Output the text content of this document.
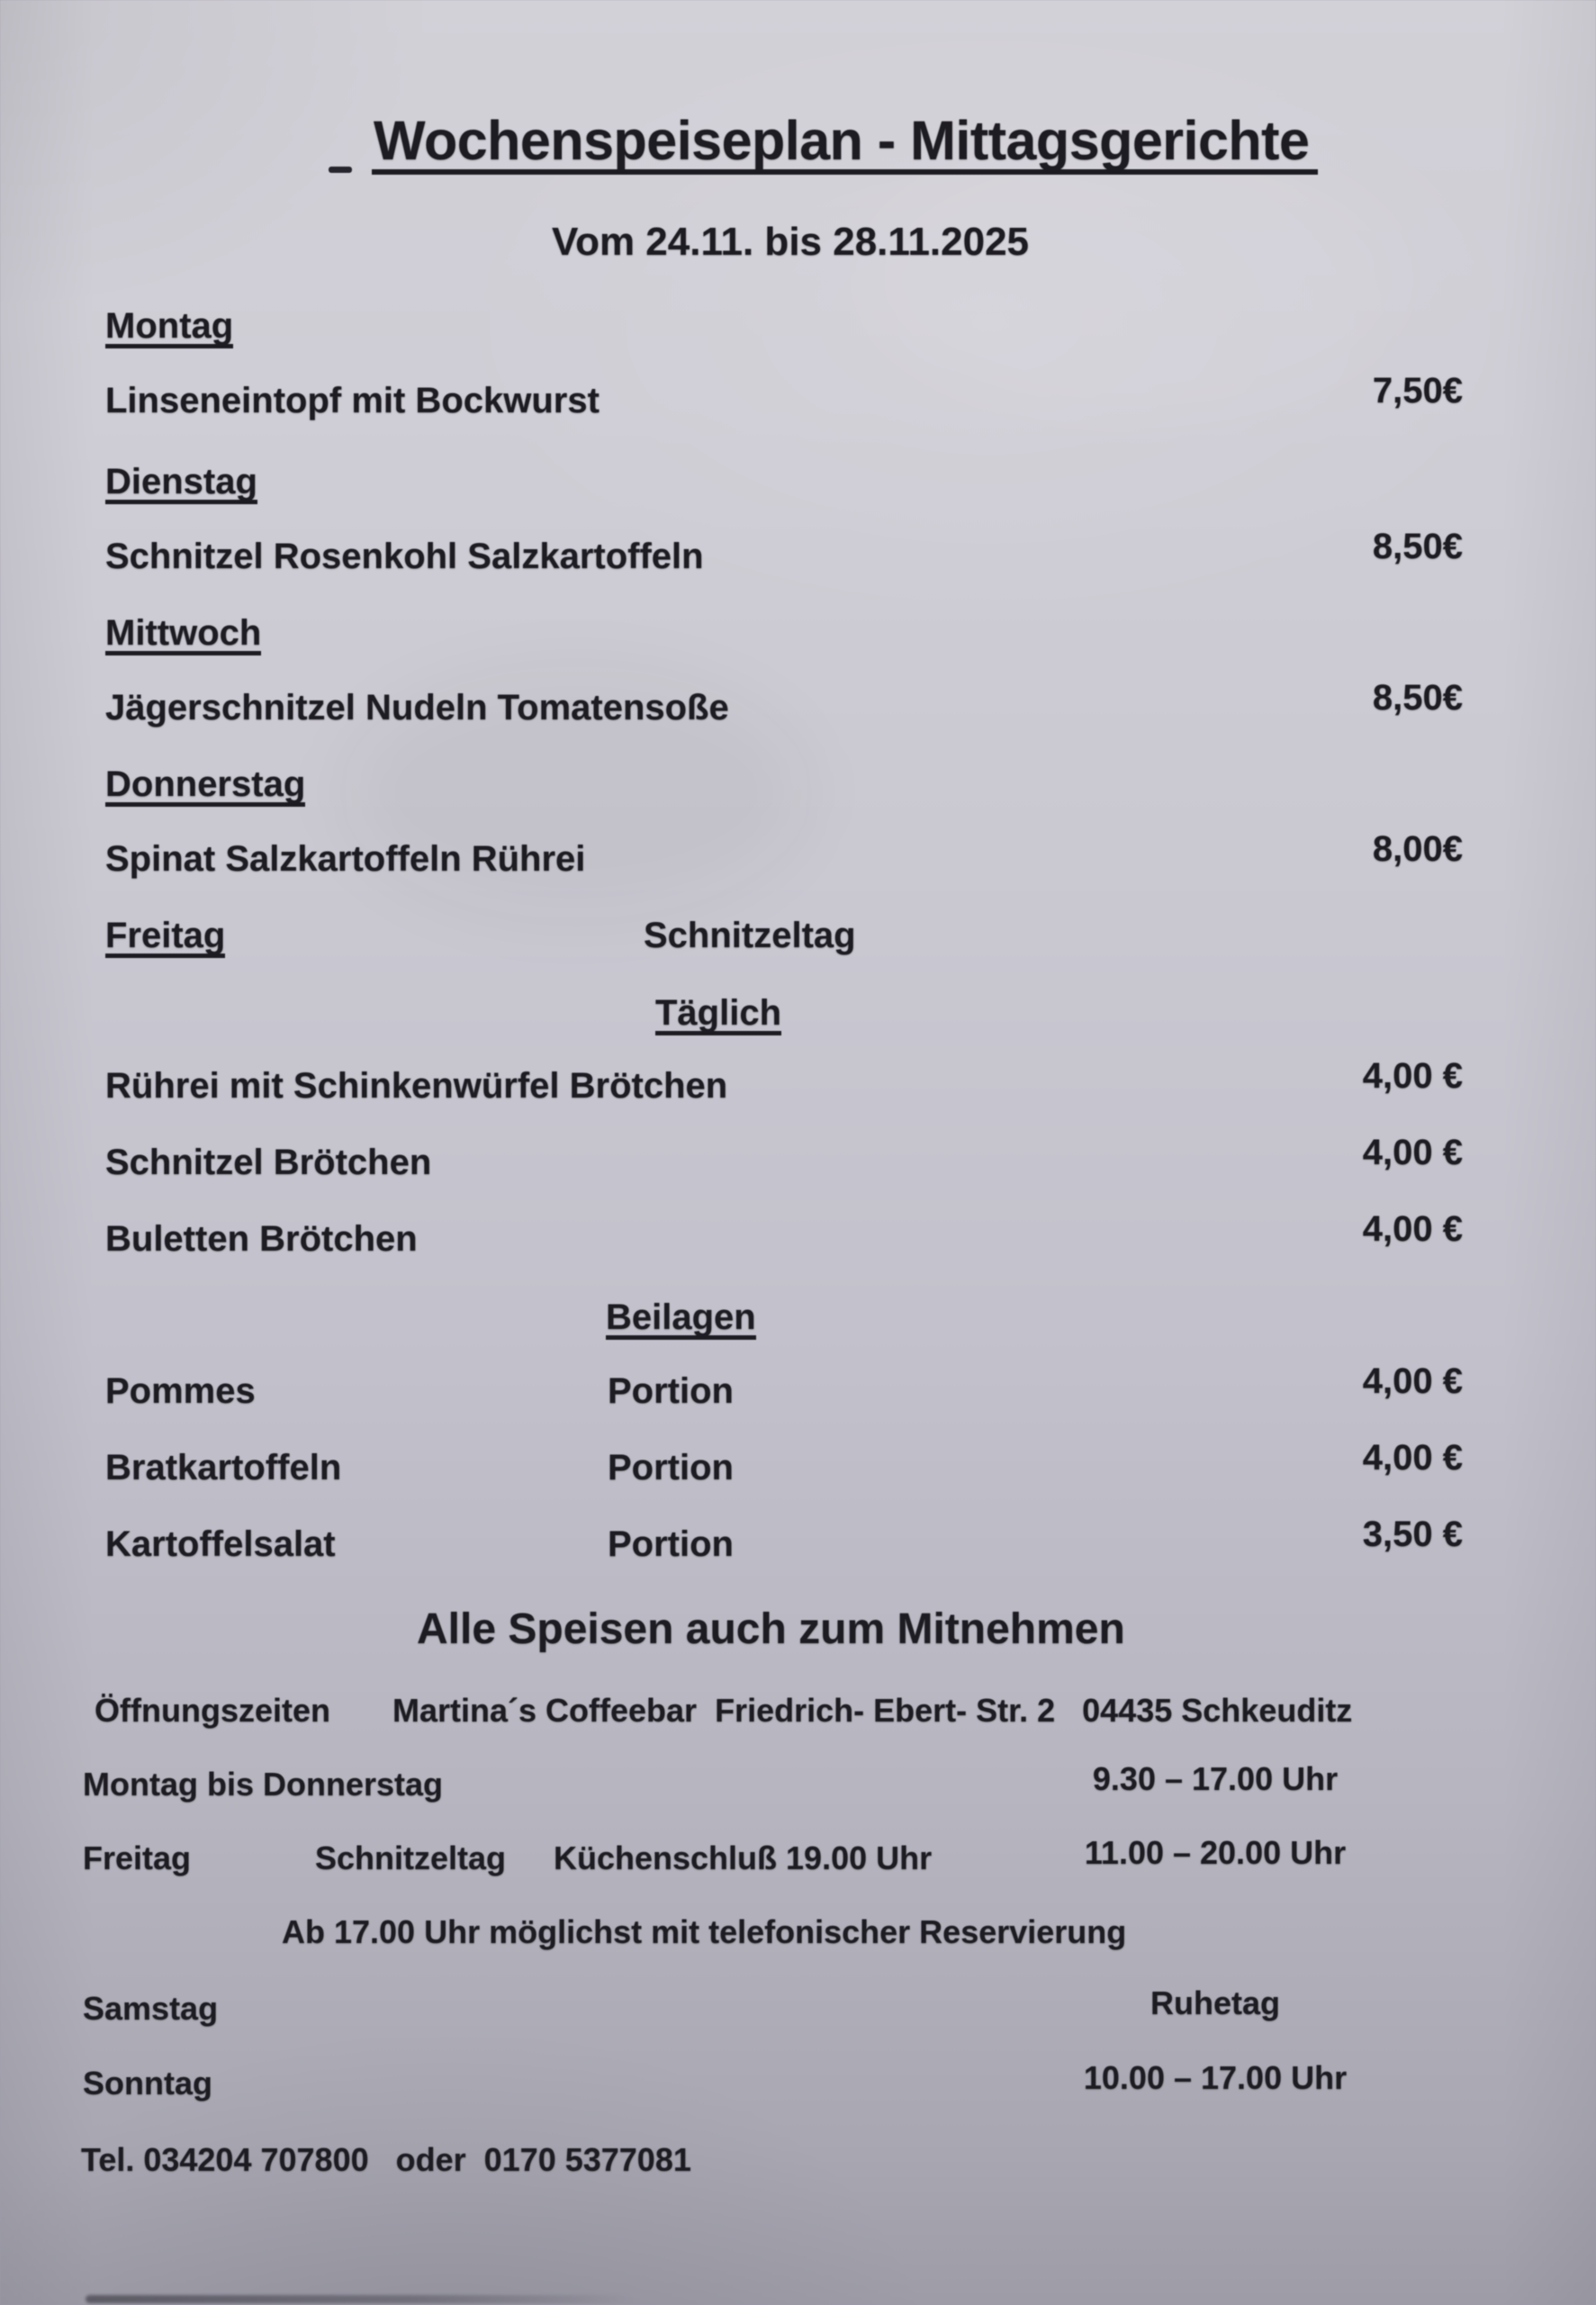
Wochenspeiseplan - Mittagsgerichte
Vom 24.11. bis 28.11.2025
Montag
Linseneintopf mit Bockwurst	7,50€
Dienstag
Schnitzel Rosenkohl Salzkartoffeln	8,50€
Mittwoch
Jägerschnitzel Nudeln Tomatensoße	8,50€
Donnerstag
Spinat Salzkartoffeln Rührei	8,00€
Freitag	Schnitzeltag
Täglich
Rührei mit Schinkenwürfel Brötchen	4,00 €
Schnitzel Brötchen	4,00 €
Buletten Brötchen	4,00 €
Beilagen
Pommes	Portion	4,00 €
Bratkartoffeln	Portion	4,00 €
Kartoffelsalat	Portion	3,50 €
Alle Speisen auch zum Mitnehmen
Öffnungszeiten Martina´s Coffeebar  Friedrich- Ebert- Str. 2   04435 Schkeuditz
Montag bis Donnerstag	9.30 – 17.00 Uhr
Freitag	Schnitzeltag Küchenschluß 19.00 Uhr	11.00 – 20.00 Uhr
Ab 17.00 Uhr möglichst mit telefonischer Reservierung
Samstag	Ruhetag
Sonntag	10.00 – 17.00 Uhr
Tel. 034204 707800   oder  0170 5377081
